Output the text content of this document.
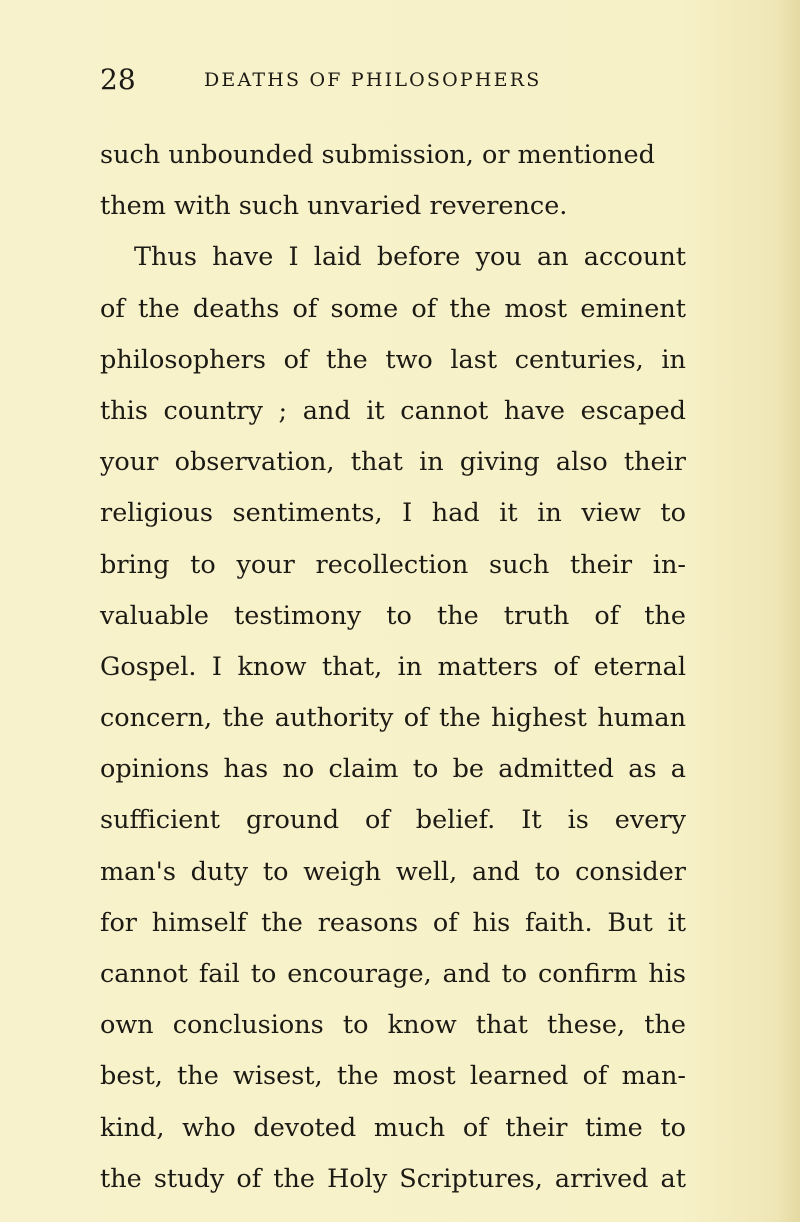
28	DEATHS OF PHILOSOPHERS
such unbounded submission, or mentioned
them with such unvaried reverence.
Thus have I laid before you an account
of the deaths of some of the most eminent
philosophers of the two last centuries, in
this country ; and it cannot have escaped
your observation, that in giving also their
religious sentiments, I had it in view to
bring to your recollection such their in-
valuable testimony to the truth of the
Gospel. I know that, in matters of eternal
concern, the authority of the highest human
opinions has no claim to be admitted as a
sufficient ground of belief. It is every
man's duty to weigh well, and to consider
for himself the reasons of his faith. But it
cannot fail to encourage, and to confirm his
own conclusions to know that these, the
best, the wisest, the most learned of man-
kind, who devoted much of their time to
the study of the Holy Scriptures, arrived at
